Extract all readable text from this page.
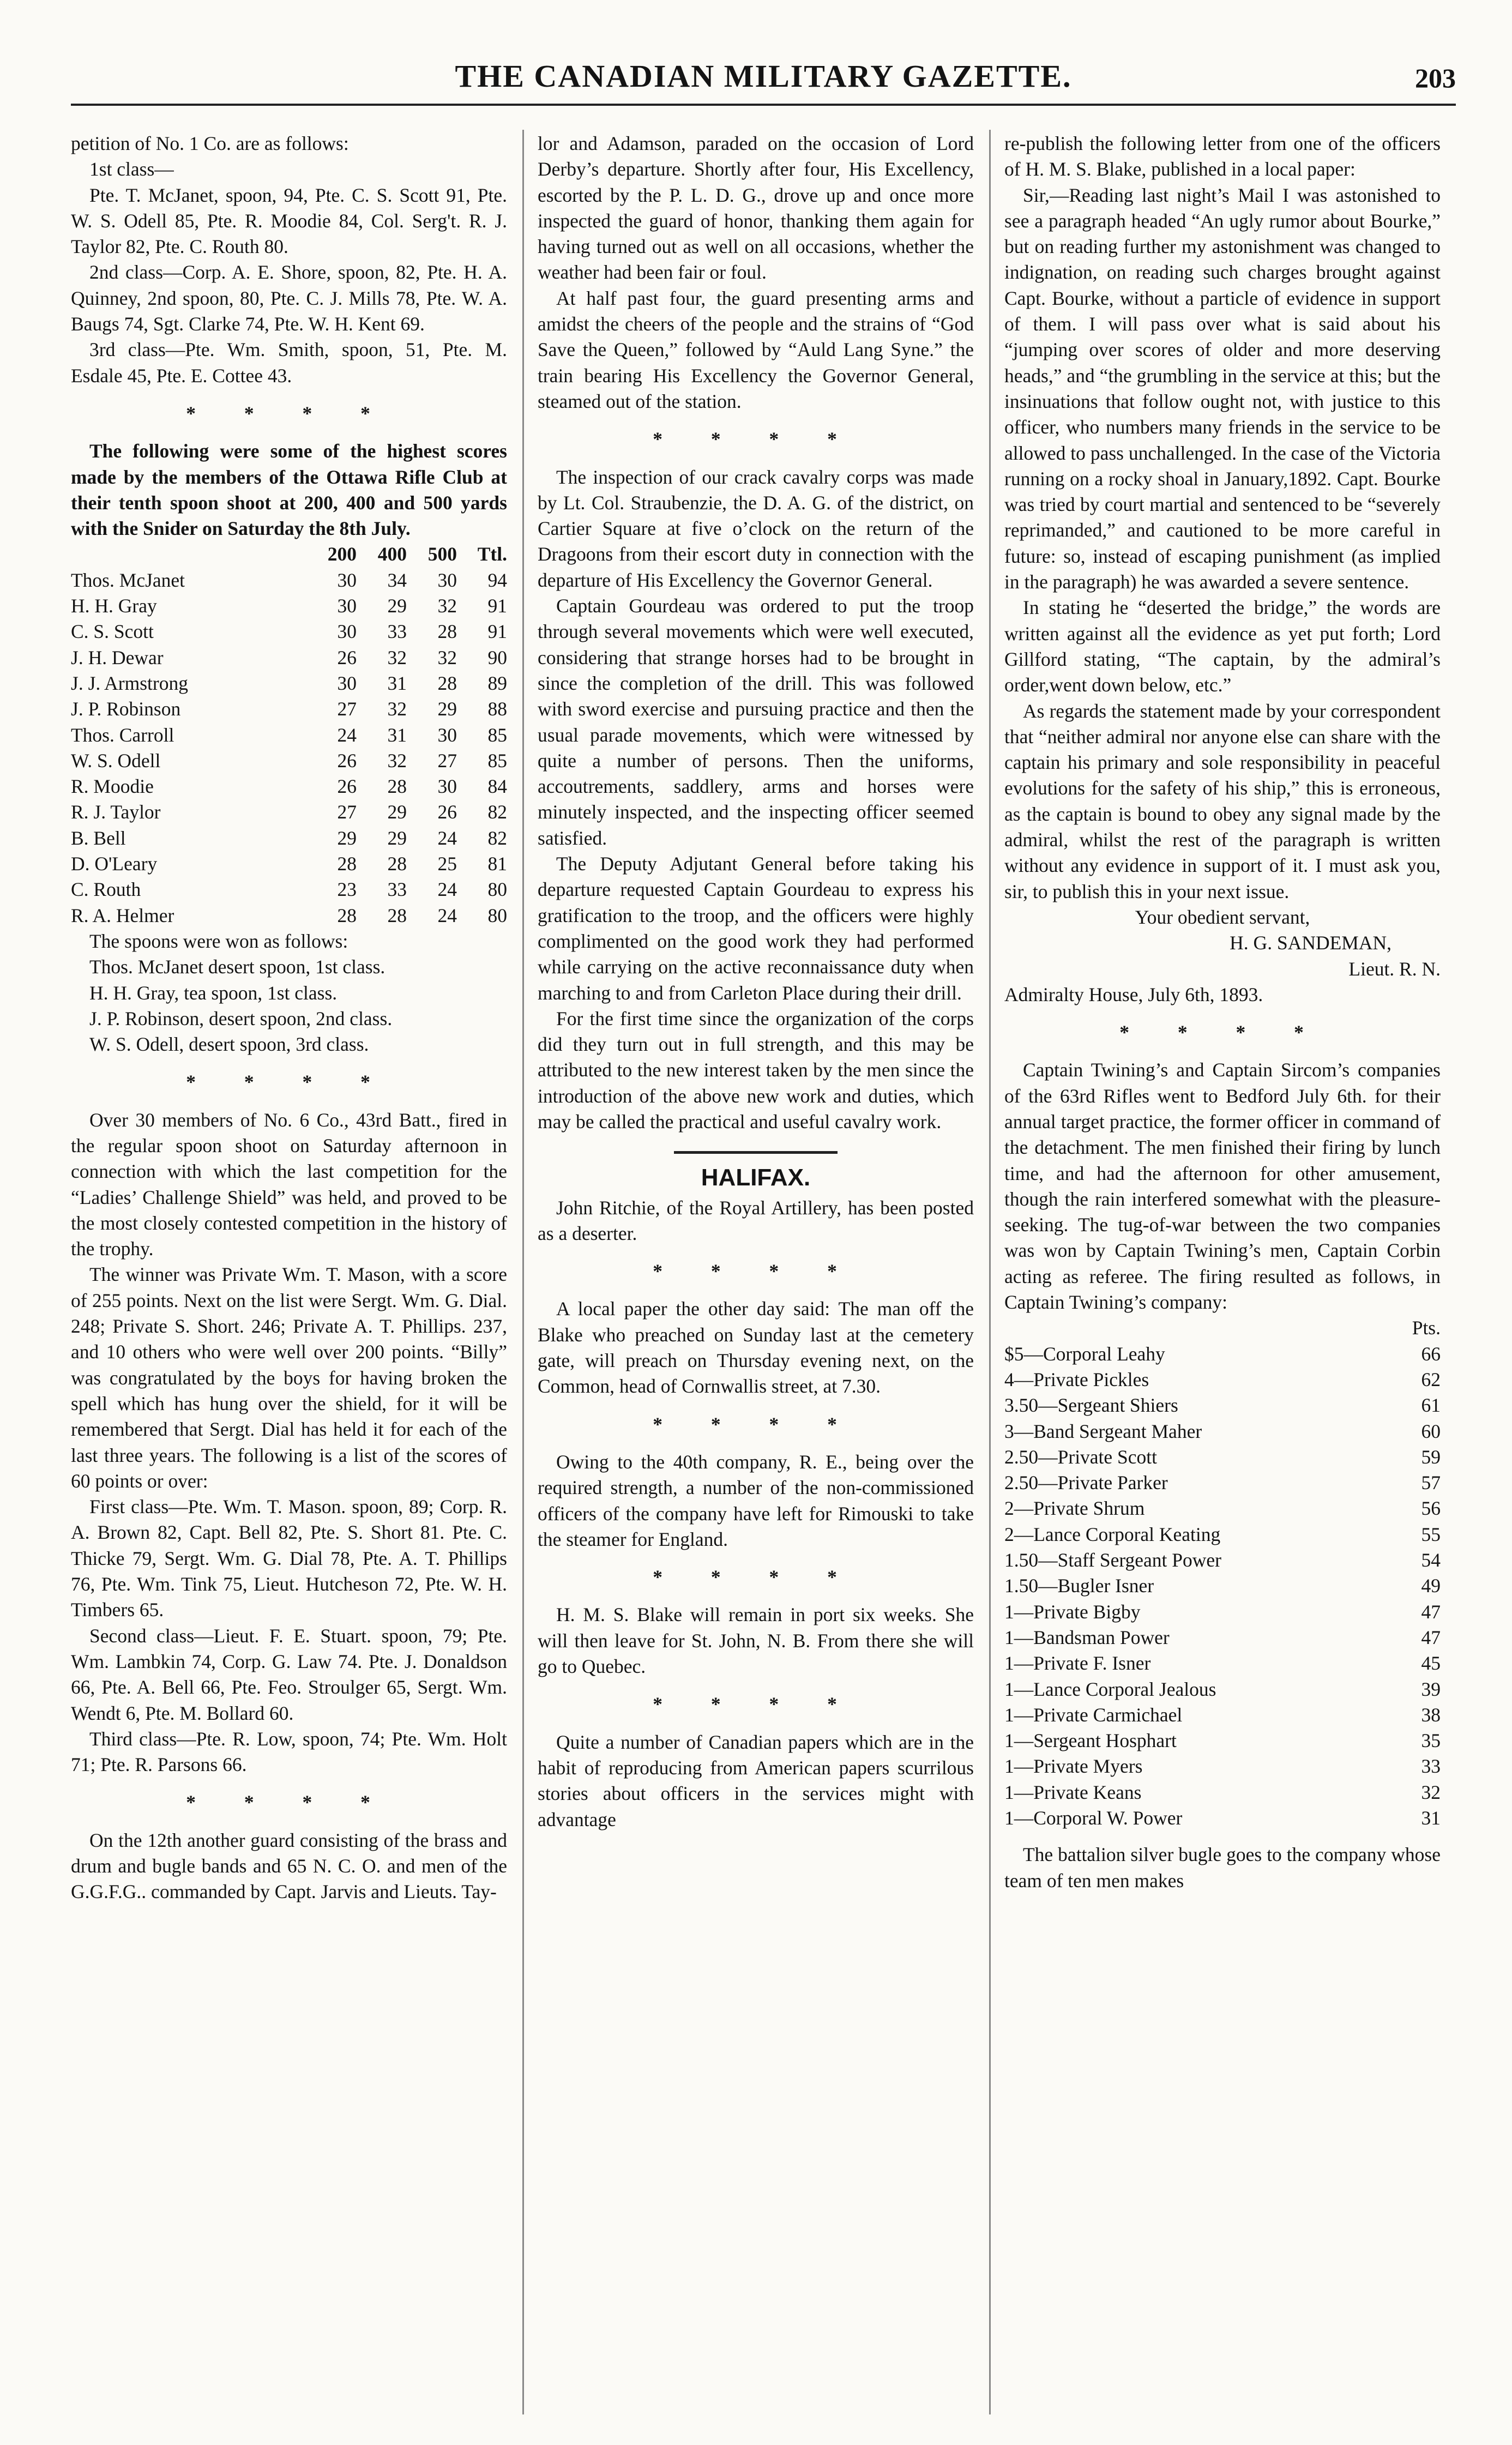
THE CANADIAN MILITARY GAZETTE.	203

petition of No. 1 Co. are as follows:

1st class—

Pte. T. McJanet, spoon, 94, Pte. C. S. Scott 91, Pte. W. S. Odell 85, Pte. R. Moodie 84, Col. Serg't. R. J. Taylor 82, Pte. C. Routh 80.

2nd class—Corp. A. E. Shore, spoon, 82, Pte. H. A. Quinney, 2nd spoon, 80, Pte. C. J. Mills 78, Pte. W. A. Baugs 74, Sgt. Clarke 74, Pte. W. H. Kent 69.

3rd class—Pte. Wm. Smith, spoon, 51, Pte. M. Esdale 45, Pte. E. Cottee 43.

* * * *

The following were some of the highest scores made by the members of the Ottawa Rifle Club at their tenth spoon shoot at 200, 400 and 500 yards with the Snider on Saturday the 8th July.

	200	400	500	Ttl.
Thos. McJanet	30	34	30	94
H. H. Gray	30	29	32	91
C. S. Scott	30	33	28	91
J. H. Dewar	26	32	32	90
J. J. Armstrong	30	31	28	89
J. P. Robinson	27	32	29	88
Thos. Carroll	24	31	30	85
W. S. Odell	26	32	27	85
R. Moodie	26	28	30	84
R. J. Taylor	27	29	26	82
B. Bell	29	29	24	82
D. O'Leary	28	28	25	81
C. Routh	23	33	24	80
R. A. Helmer	28	28	24	80

The spoons were won as follows:

Thos. McJanet desert spoon, 1st class.

H. H. Gray, tea spoon, 1st class.

J. P. Robinson, desert spoon, 2nd class.

W. S. Odell, desert spoon, 3rd class.

* * * *

Over 30 members of No. 6 Co., 43rd Batt., fired in the regular spoon shoot on Saturday afternoon in connection with which the last competition for the “Ladies’ Challenge Shield” was held, and proved to be the most closely contested competition in the history of the trophy.

The winner was Private Wm. T. Mason, with a score of 255 points. Next on the list were Sergt. Wm. G. Dial. 248; Private S. Short. 246; Private A. T. Phillips. 237, and 10 others who were well over 200 points. “Billy” was congratulated by the boys for having broken the spell which has hung over the shield, for it will be remembered that Sergt. Dial has held it for each of the last three years. The following is a list of the scores of 60 points or over:

First class—Pte. Wm. T. Mason. spoon, 89; Corp. R. A. Brown 82, Capt. Bell 82, Pte. S. Short 81. Pte. C. Thicke 79, Sergt. Wm. G. Dial 78, Pte. A. T. Phillips 76, Pte. Wm. Tink 75, Lieut. Hutcheson 72, Pte. W. H. Timbers 65.

Second class—Lieut. F. E. Stuart. spoon, 79; Pte. Wm. Lambkin 74, Corp. G. Law 74. Pte. J. Donaldson 66, Pte. A. Bell 66, Pte. Feo. Stroulger 65, Sergt. Wm. Wendt 6, Pte. M. Bollard 60.

Third class—Pte. R. Low, spoon, 74; Pte. Wm. Holt 71; Pte. R. Parsons 66.

* * * *

On the 12th another guard consisting of the brass and drum and bugle bands and 65 N. C. O. and men of the G.G.F.G.. commanded by Capt. Jarvis and Lieuts. Tay-

lor and Adamson, paraded on the occasion of Lord Derby’s departure. Shortly after four, His Excellency, escorted by the P. L. D. G., drove up and once more inspected the guard of honor, thanking them again for having turned out as well on all occasions, whether the weather had been fair or foul.

At half past four, the guard presenting arms and amidst the cheers of the people and the strains of “God Save the Queen,” followed by “Auld Lang Syne.” the train bearing His Excellency the Governor General, steamed out of the station.

* * * *

The inspection of our crack cavalry corps was made by Lt. Col. Straubenzie, the D. A. G. of the district, on Cartier Square at five o’clock on the return of the Dragoons from their escort duty in connection with the departure of His Excellency the Governor General.

Captain Gourdeau was ordered to put the troop through several movements which were well executed, considering that strange horses had to be brought in since the completion of the drill. This was followed with sword exercise and pursuing practice and then the usual parade movements, which were witnessed by quite a number of persons. Then the uniforms, accoutrements, saddlery, arms and horses were minutely inspected, and the inspecting officer seemed satisfied.

The Deputy Adjutant General before taking his departure requested Captain Gourdeau to express his gratification to the troop, and the officers were highly complimented on the good work they had performed while carrying on the active reconnaissance duty when marching to and from Carleton Place during their drill.

For the first time since the organization of the corps did they turn out in full strength, and this may be attributed to the new interest taken by the men since the introduction of the above new work and duties, which may be called the practical and useful cavalry work.

HALIFAX.

John Ritchie, of the Royal Artillery, has been posted as a deserter.

* * * *

A local paper the other day said: The man off the Blake who preached on Sunday last at the cemetery gate, will preach on Thursday evening next, on the Common, head of Cornwallis street, at 7.30.

* * * *

Owing to the 40th company, R. E., being over the required strength, a number of the non-commissioned officers of the company have left for Rimouski to take the steamer for England.

* * * *

H. M. S. Blake will remain in port six weeks. She will then leave for St. John, N. B. From there she will go to Quebec.

* * * *

Quite a number of Canadian papers which are in the habit of reproducing from American papers scurrilous stories about officers in the services might with advantage

re-publish the following letter from one of the officers of H. M. S. Blake, published in a local paper:

Sir,—Reading last night’s Mail I was astonished to see a paragraph headed “An ugly rumor about Bourke,” but on reading further my astonishment was changed to indignation, on reading such charges brought against Capt. Bourke, without a particle of evidence in support of them. I will pass over what is said about his “jumping over scores of older and more deserving heads,” and “the grumbling in the service at this; but the insinuations that follow ought not, with justice to this officer, who numbers many friends in the service to be allowed to pass unchallenged. In the case of the Victoria running on a rocky shoal in January,1892. Capt. Bourke was tried by court martial and sentenced to be “severely reprimanded,” and cautioned to be more careful in future: so, instead of escaping punishment (as implied in the paragraph) he was awarded a severe sentence.

In stating he “deserted the bridge,” the words are written against all the evidence as yet put forth; Lord Gillford stating, “The captain, by the admiral’s order,went down below, etc.”

As regards the statement made by your correspondent that “neither admiral nor anyone else can share with the captain his primary and sole responsibility in peaceful evolutions for the safety of his ship,” this is erroneous, as the captain is bound to obey any signal made by the admiral, whilst the rest of the paragraph is written without any evidence in support of it. I must ask you, sir, to publish this in your next issue.

Your obedient servant,

H. G. SANDEMAN,

Lieut. R. N.

Admiralty House, July 6th, 1893.

* * * *

Captain Twining’s and Captain Sircom’s companies of the 63rd Rifles went to Bedford July 6th. for their annual target practice, the former officer in command of the detachment. The men finished their firing by lunch time, and had the afternoon for other amusement, though the rain interfered somewhat with the pleasure-seeking. The tug-of-war between the two companies was won by Captain Twining’s men, Captain Corbin acting as referee. The firing resulted as follows, in Captain Twining’s company:

Pts.

$5—Corporal Leahy	66
4—Private Pickles	62
3.50—Sergeant Shiers	61
3—Band Sergeant Maher	60
2.50—Private Scott	59
2.50—Private Parker	57
2—Private Shrum	56
2—Lance Corporal Keating	55
1.50—Staff Sergeant Power	54
1.50—Bugler Isner	49
1—Private Bigby	47
1—Bandsman Power	47
1—Private F. Isner	45
1—Lance Corporal Jealous	39
1—Private Carmichael	38
1—Sergeant Hosphart	35
1—Private Myers	33
1—Private Keans	32
1—Corporal W. Power	31

The battalion silver bugle goes to the company whose team of ten men makes
